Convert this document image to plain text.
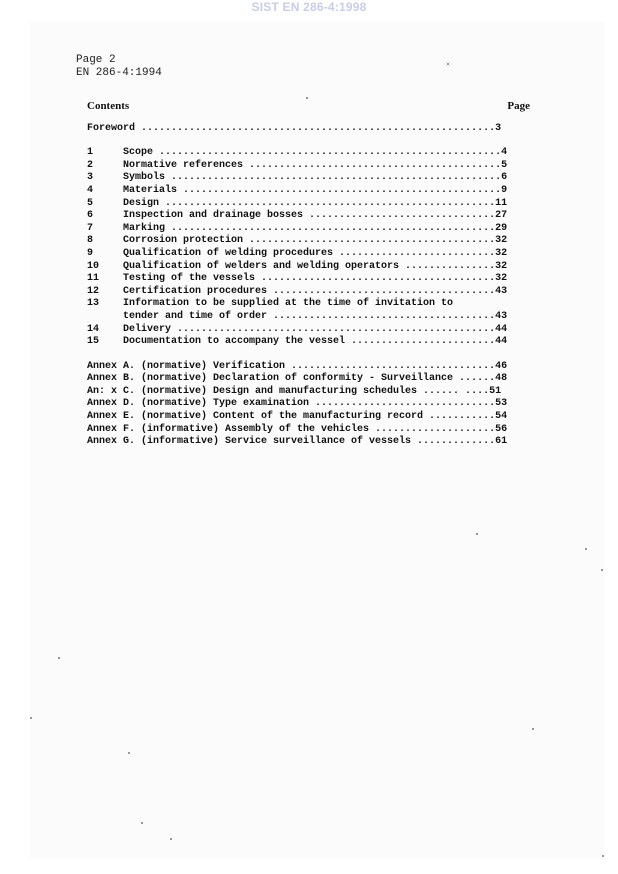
SIST EN 286-4:1998
Page 2
EN 286-4:1994
Contents	Page
Foreword ...........................................................3
1     Scope .........................................................4
2     Normative references ..........................................5
3     Symbols .......................................................6
4     Materials .....................................................9
5     Design .......................................................11
6     Inspection and drainage bosses ...............................27
7     Marking ......................................................29
8     Corrosion protection .........................................32
9     Qualification of welding procedures ..........................32
10    Qualification of welders and welding operators ...............32
11    Testing of the vessels .......................................32
12    Certification procedures .....................................43
13    Information to be supplied at the time of invitation to
tender and time of order .....................................43
14    Delivery .....................................................44
15    Documentation to accompany the vessel ........................44
Annex A. (normative) Verification ..................................46
Annex B. (normative) Declaration of conformity - Surveillance ......48
An: x C. (normative) Design and manufacturing schedules ...... ....51
Annex D. (normative) Type examination ..............................53
Annex E. (normative) Content of the manufacturing record ...........54
Annex F. (informative) Assembly of the vehicles ....................56
Annex G. (informative) Service surveillance of vessels .............61
